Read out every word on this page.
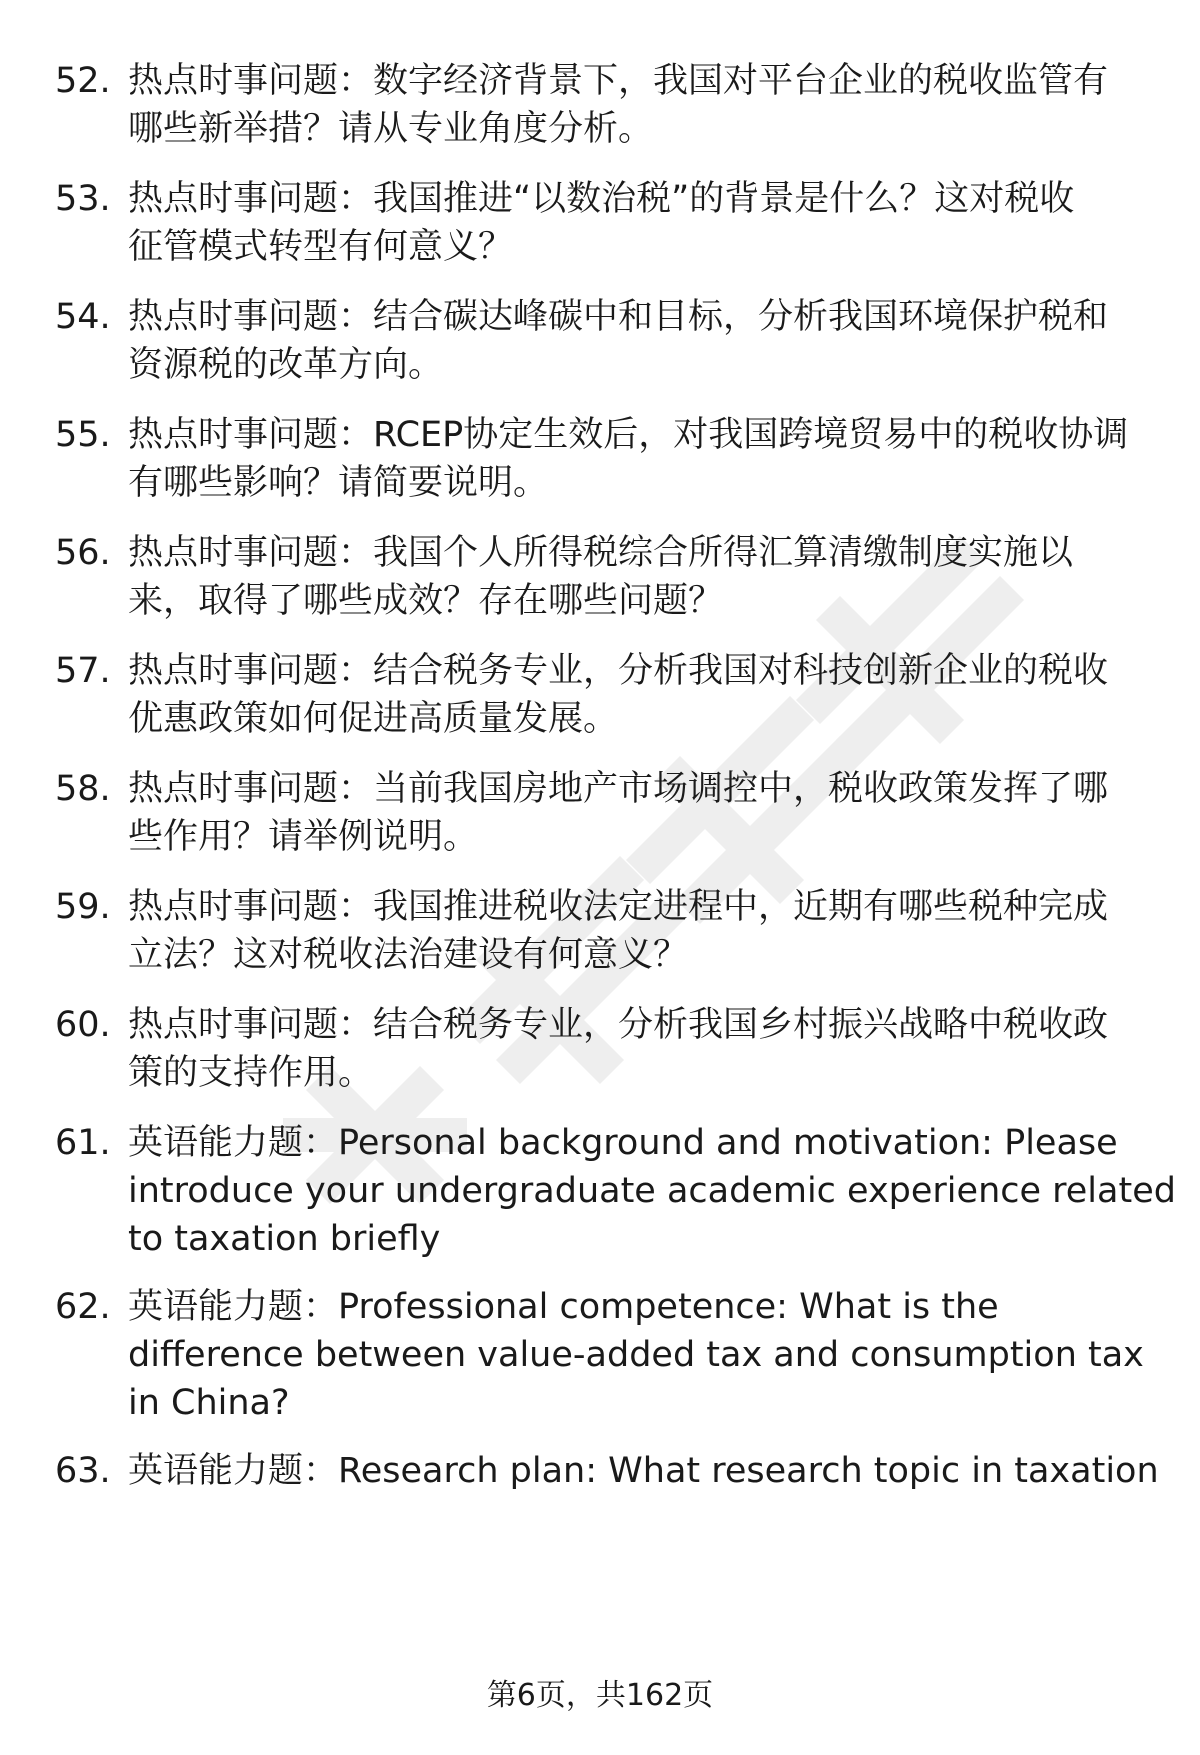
52. 热点时事问题：数字经济背景下，我国对平台企业的税收监管有
哪些新举措？请从专业角度分析。
53. 热点时事问题：我国推进“以数治税”的背景是什么？这对税收
征管模式转型有何意义？
54. 热点时事问题：结合碳达峰碳中和目标，分析我国环境保护税和
资源税的改革方向。
55. 热点时事问题：RCEP协定生效后，对我国跨境贸易中的税收协调
有哪些影响？请简要说明。
56. 热点时事问题：我国个人所得税综合所得汇算清缴制度实施以
来，取得了哪些成效？存在哪些问题？
57. 热点时事问题：结合税务专业，分析我国对科技创新企业的税收
优惠政策如何促进高质量发展。
58. 热点时事问题：当前我国房地产市场调控中，税收政策发挥了哪
些作用？请举例说明。
59. 热点时事问题：我国推进税收法定进程中，近期有哪些税种完成
立法？这对税收法治建设有何意义？
60. 热点时事问题：结合税务专业，分析我国乡村振兴战略中税收政
策的支持作用。
61. 英语能力题：Personal background and motivation: Please
introduce your undergraduate academic experience related
to taxation briefly
62. 英语能力题：Professional competence: What is the
difference between value-added tax and consumption tax
in China?
63. 英语能力题：Research plan: What research topic in taxation
第6页，共162页
